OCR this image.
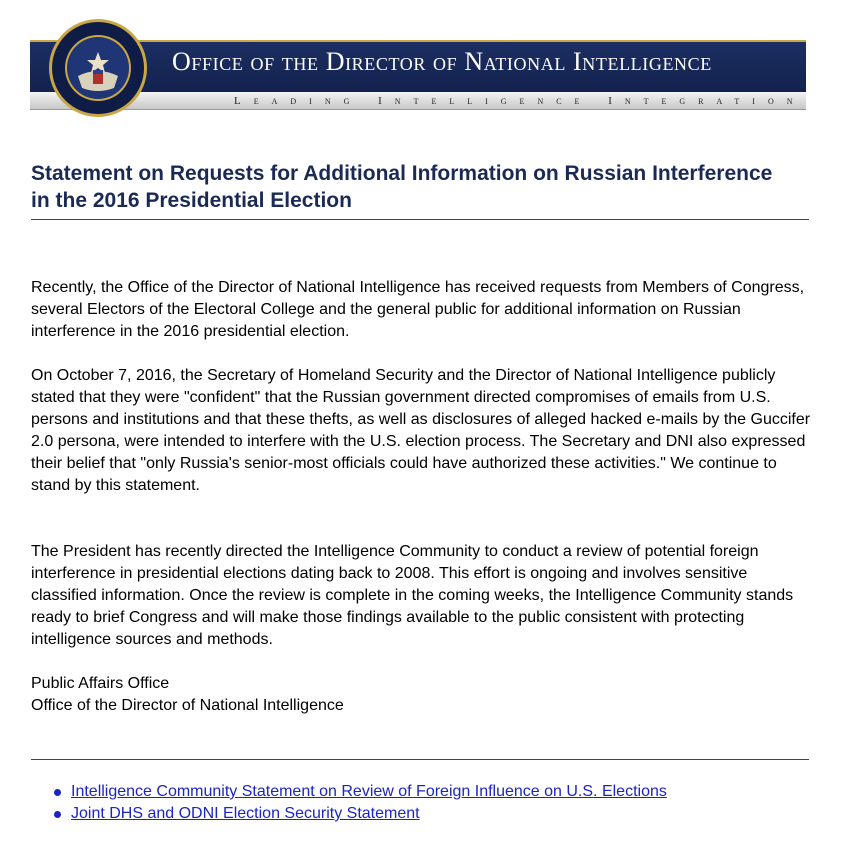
Office of the Director of National Intelligence
Leading Intelligence Integration
Statement on Requests for Additional Information on Russian Interference in the 2016 Presidential Election

Recently, the Office of the Director of National Intelligence has received requests from Members of Congress, several Electors of the Electoral College and the general public for additional information on Russian interference in the 2016 presidential election.

On October 7, 2016, the Secretary of Homeland Security and the Director of National Intelligence publicly stated that they were "confident" that the Russian government directed compromises of emails from U.S. persons and institutions and that these thefts, as well as disclosures of alleged hacked e-mails by the Guccifer 2.0 persona, were intended to interfere with the U.S. election process. The Secretary and DNI also expressed their belief that "only Russia's senior-most officials could have authorized these activities." We continue to stand by this statement.

The President has recently directed the Intelligence Community to conduct a review of potential foreign interference in presidential elections dating back to 2008. This effort is ongoing and involves sensitive classified information. Once the review is complete in the coming weeks, the Intelligence Community stands ready to brief Congress and will make those findings available to the public consistent with protecting intelligence sources and methods.

Public Affairs Office

Office of the Director of National Intelligence

Intelligence Community Statement on Review of Foreign Influence on U.S. Elections
Joint DHS and ODNI Election Security Statement
